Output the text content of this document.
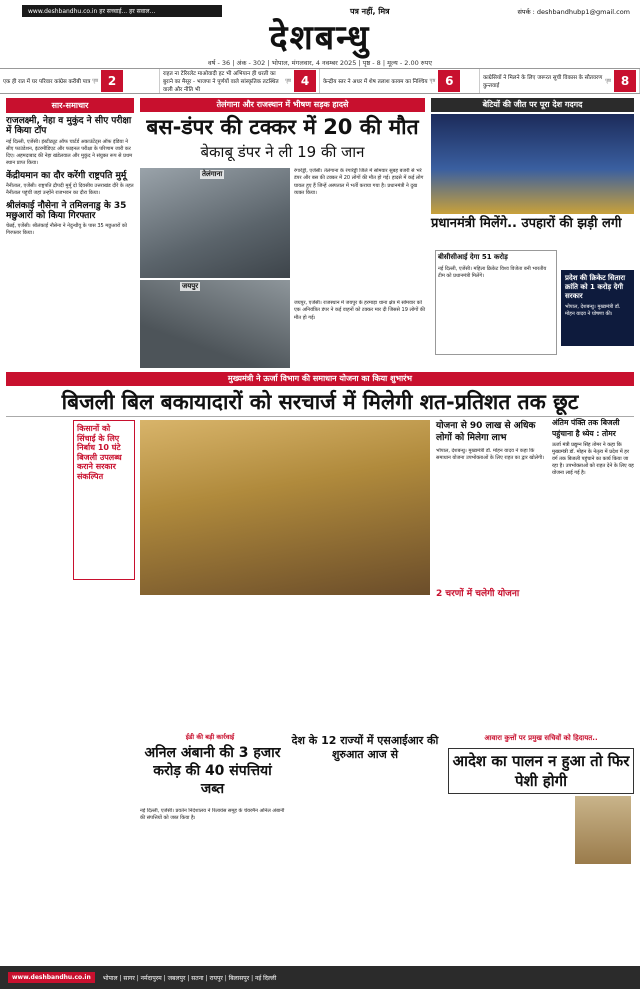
www.deshbandhu.co.in हर सच्चाई... हर सवाल...	पत्र नहीं, मित्र	संपर्क : deshbandhubp1@gmail.com
देशबन्धु
वर्ष - 36 | अंक - 302 | भोपाल, मंगलवार, 4 नवम्बर 2025 | पृष्ठ - 8 | मूल्य - 2.00 रुपए
एक ही रात में घर परिवार कांग्रेस करीबी पात्र पृष्ठ 2	राहत ना टेरिरलेट माओवादी हट भी अभियान ही धरती का बुराने का मैसूर - भाजपा ने पूर्णयों वाले सांस्कृतिक तटस्थित वाली और नीति भी
पृष्ठ 4	केन्द्रीय स्तर ने अधर में शेष तलाश कायम का निश्चिय पृष्ठ 6	काग्रेसियों ने मिलने के लिए जरूरत सूची विकास के सौतवरण कुन्तवाई
पृष्ठ 8
सार-समाचार
राजलक्ष्मी, नेहा व मुकुंद ने सीए परीक्षा में किया टॉप
नई दिल्ली, एजेंसी। इंस्टीट्यूट ऑफ चार्टर्ड अकाउंटेंट्स ऑफ इंडिया ने सीए फाउंडेशन, इंटरमीडिएट और फाइनल परीक्षा के परिणाम जारी कर दिए। अहमदाबाद की नेहा खंडेलवाल और मुकुंद ने संयुक्त रूप से प्रथम स्थान प्राप्त किया।
केंद्रीयमान का दौर करेंगी राष्ट्रपति मुर्मू
नैनीताल, एजेंसी। राष्ट्रपति द्रौपदी मुर्मू दो दिवसीय उत्तराखंड दौरे के तहत नैनीताल पहुंचीं जहां उन्होंने राजभवन का दौरा किया।
श्रीलंकाई नौसेना ने तमिलनाडु के 35 मछुआरों को किया गिरफ्तार
चेन्नई, एजेंसी। श्रीलंकाई नौसेना ने नेदुन्थीवु के पास 35 मछुआरों को गिरफ्तार किया।
तेलंगाना और राजस्थान में भीषण सड़क हादसे
बस-डंपर की टक्कर में 20 की मौत
बेकाबू डंपर ने ली 19 की जान
तेलंगाना
जयपुर
रंगारेड्डी, एजेंसी। तेलंगाना के रंगारेड्डी जिले में सोमवार सुबह बजरी से भरे डंपर और बस की टक्कर में 20 लोगों की मौत हो गई। हादसे में कई लोग घायल हुए हैं जिन्हें अस्पताल में भर्ती कराया गया है। प्रधानमंत्री ने दुख व्यक्त किया।
बेटियों की जीत पर पूरा देश गदगद
प्रधानमंत्री मिलेंगे.. उपहारों की झड़ी लगी
बीसीसीआई देगा 51 करोड़
नई दिल्ली, एजेंसी। महिला क्रिकेट विश्व विजेता बनी भारतीय टीम को प्रधानमंत्री मिलेंगे।	प्रदेश की क्रिकेट सितारा क्रांति को 1 करोड़ देगी सरकार
भोपाल, देशबन्धु। मुख्यमंत्री डॉ. मोहन यादव ने घोषणा की।
जयपुर, एजेंसी। राजस्थान में जयपुर के हरमाड़ा थाना क्षेत्र में सोमवार को एक अनियंत्रित डंपर ने कई वाहनों को टक्कर मार दी जिससे 19 लोगों की मौत हो गई।
मुख्यमंत्री ने ऊर्जा विभाग की समाधान योजना का किया शुभारंभ
बिजली बिल बकायादारों को सरचार्ज में मिलेगी शत-प्रतिशत तक छूट
किसानों को सिंचाई के लिए निर्बाध 10 घंटे बिजली उपलब्ध कराने सरकार संकल्पित
योजना से 90 लाख से अधिक लोगों को मिलेगा लाभ
भोपाल, देशबन्धु। मुख्यमंत्री डॉ. मोहन यादव ने कहा कि समाधान योजना उपभोक्ताओं के लिए राहत का द्वार खोलेगी।
2 चरणों में चलेगी योजना
अंतिम पंक्ति तक बिजली पहुंचाना है ध्येय : तोमर
ऊर्जा मंत्री प्रद्युम्न सिंह तोमर ने कहा कि मुख्यमंत्री डॉ. मोहन के नेतृत्व में प्रदेश में हर वर्ग तक बिजली पहुंचाने का कार्य किया जा रहा है। उपभोक्ताओं को राहत देने के लिए यह योजना लाई गई है।
ईडी की बड़ी कार्रवाई
अनिल अंबानी की 3 हजार करोड़ की 40 संपत्तियां जब्त
नई दिल्ली, एजेंसी। प्रवर्तन निदेशालय ने रिलायंस समूह के चेयरमैन अनिल अंबानी की संपत्तियों को जब्त किया है।
देश के 12 राज्यों में एसआईआर की शुरुआत आज से
आवारा कुत्तों पर प्रमुख सचिवों को हिदायत..
आदेश का पालन न हुआ तो फिर पेशी होगी
www.deshbandhu.co.in	भोपाल | सागर | नर्मदापुरम | जबलपुर | सतना | रायपुर | बिलासपुर | नई दिल्ली
